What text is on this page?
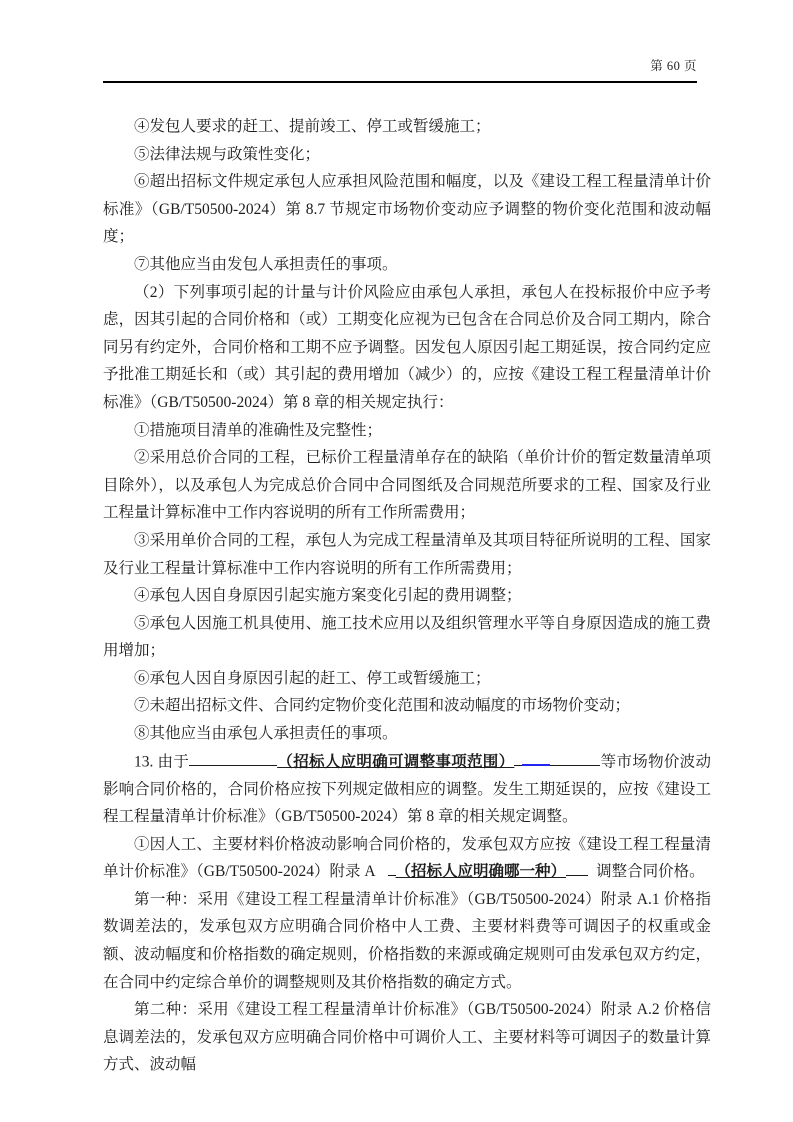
第 60 页

④发包人要求的赶工、提前竣工、停工或暂缓施工；

⑤法律法规与政策性变化；

⑥超出招标文件规定承包人应承担风险范围和幅度，以及《建设工程工程量清单计价标准》（GB/T50500-2024）第 8.7 节规定市场物价变动应予调整的物价变化范围和波动幅度；

⑦其他应当由发包人承担责任的事项。

（2）下列事项引起的计量与计价风险应由承包人承担，承包人在投标报价中应予考虑，因其引起的合同价格和（或）工期变化应视为已包含在合同总价及合同工期内，除合同另有约定外，合同价格和工期不应予调整。因发包人原因引起工期延误，按合同约定应予批准工期延长和（或）其引起的费用增加（减少）的，应按《建设工程工程量清单计价标准》（GB/T50500-2024）第 8 章的相关规定执行：

①措施项目清单的准确性及完整性；

②采用总价合同的工程，已标价工程量清单存在的缺陷（单价计价的暂定数量清单项目除外），以及承包人为完成总价合同中合同图纸及合同规范所要求的工程、国家及行业工程量计算标准中工作内容说明的所有工作所需费用；

③采用单价合同的工程，承包人为完成工程量清单及其项目特征所说明的工程、国家及行业工程量计算标准中工作内容说明的所有工作所需费用；

④承包人因自身原因引起实施方案变化引起的费用调整；

⑤承包人因施工机具使用、施工技术应用以及组织管理水平等自身原因造成的施工费用增加；

⑥承包人因自身原因引起的赶工、停工或暂缓施工；

⑦未超出招标文件、合同约定物价变化范围和波动幅度的市场物价变动；

⑧其他应当由承包人承担责任的事项。

13. 由于	（招标人应明确可调整事项范围）	等市场物价波动影响合同价格的，合同价格应按下列规定做相应的调整。发生工期延误的，应按《建设工程工程量清单计价标准》（GB/T50500-2024）第 8 章的相关规定调整。

①因人工、主要材料价格波动影响合同价格的，发承包双方应按《建设工程工程量清单计价标准》（GB/T50500-2024）附录 A （招标人应明确哪一种） 调整合同价格。

第一种：采用《建设工程工程量清单计价标准》（GB/T50500-2024）附录 A.1 价格指数调差法的，发承包双方应明确合同价格中人工费、主要材料费等可调因子的权重或金额、波动幅度和价格指数的确定规则，价格指数的来源或确定规则可由发承包双方约定，在合同中约定综合单价的调整规则及其价格指数的确定方式。

第二种：采用《建设工程工程量清单计价标准》（GB/T50500-2024）附录 A.2 价格信息调差法的，发承包双方应明确合同价格中可调价人工、主要材料等可调因子的数量计算方式、波动幅
